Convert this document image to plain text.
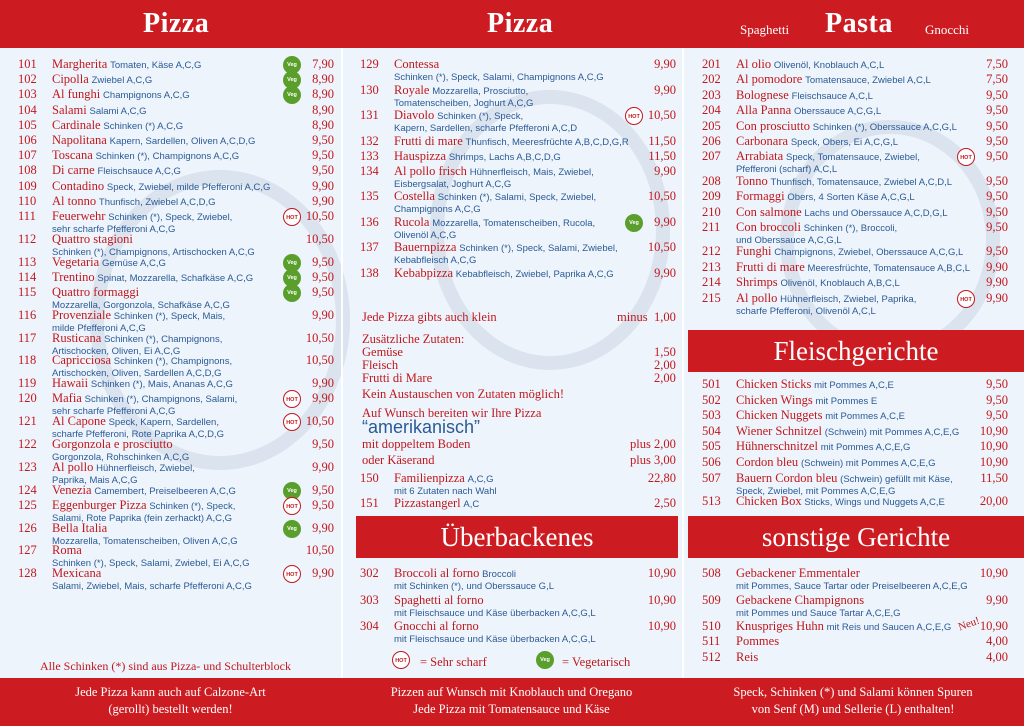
Pizza	Pizza	Pasta
Spaghetti	Gnocchi
101 Margherita Tomaten, Käse A,C,G	7,90
Veg
102 Cipolla Zwiebel A,C,G	8,90
Veg
103 Al funghi Champignons A,C,G	8,90
Veg
104 Salami Salami A,C,G	8,90
105 Cardinale Schinken (*) A,C,G	8,90
106 Napolitana Kapern, Sardellen, Oliven A,C,D,G	9,50
107 Toscana Schinken (*), Champignons A,C,G	9,50
108 Di carne Fleischsauce A,C,G	9,50
109 Contadino Speck, Zwiebel, milde Pfefferoni A,C,G	9,90
110 Al tonno Thunfisch, Zwiebel A,C,D,G	9,90
111 Feuerwehr Schinken (*), Speck, Zwiebel,
sehr scharfe Pfefferoni A,C,G
10,50
HOT
112 Quattro stagioni
Schinken (*), Champignons, Artischocken A,C,G
10,50
113 Vegetaria Gemüse A,C,G	9,50
Veg
114 Trentino Spinat, Mozzarella, Schafkäse A,C,G	9,50
Veg
115 Quattro formaggi
Mozzarella, Gorgonzola, Schafkäse A,C,G
9,50
Veg
116 Provenziale Schinken (*), Speck, Mais,
milde Pfefferoni A,C,G
9,90
117 Rusticana Schinken (*), Champignons,
Artischocken, Oliven, Ei A,C,G
10,50
118 Capricciosa Schinken (*), Champignons,
Artischocken, Oliven, Sardellen A,C,D,G
10,50
119 Hawaii Schinken (*), Mais, Ananas A,C,G	9,90
120 Mafia Schinken (*), Champignons, Salami,
sehr scharfe Pfefferoni A,C,G
9,90
HOT
121 Al Capone Speck, Kapern, Sardellen,
scharfe Pfefferoni, Rote Paprika A,C,D,G
10,50
HOT
122 Gorgonzola e prosciutto
Gorgonzola, Rohschinken A,C,G
9,50
123 Al pollo Hühnerfleisch, Zwiebel,
Paprika, Mais A,C,G
9,90
124 Venezia Camembert, Preiselbeeren A,C,G	9,50
Veg
125 Eggenburger Pizza Schinken (*), Speck,
Salami, Rote Paprika (fein zerhackt) A,C,G
9,50
HOT
126 Bella Italia
Mozzarella, Tomatenscheiben, Oliven A,C,G
9,90
Veg
127 Roma
Schinken (*), Speck, Salami, Zwiebel, Ei A,C,G
10,50
128 Mexicana
Salami, Zwiebel, Mais, scharfe Pfefferoni A,C,G
9,90
HOT
129 Contessa
Schinken (*), Speck, Salami, Champignons A,C,G
9,90
130 Royale Mozzarella, Prosciutto,
Tomatenscheiben, Joghurt A,C,G
9,90
131 Diavolo Schinken (*), Speck,
Kapern, Sardellen, scharfe Pfefferoni A,C,D
10,50
HOT
132 Frutti di mare Thunfisch, Meeresfrüchte A,B,C,D,G,R	11,50
133 Hauspizza Shrimps, Lachs A,B,C,D,G	11,50
134 Al pollo frisch Hühnerfleisch, Mais, Zwiebel,
Eisbergsalat, Joghurt A,C,G
9,90
135 Costella Schinken (*), Salami, Speck, Zwiebel,
Champignons A,C,G
10,50
136 Rucola Mozzarella, Tomatenscheiben, Rucola,
Olivenöl A,C,G
9,90
Veg
137 Bauernpizza Schinken (*), Speck, Salami, Zwiebel,
Kebabfleisch A,C,G
10,50
138 Kebabpizza Kebabfleisch, Zwiebel, Paprika A,C,G	9,90
150 Familienpizza A,C,G
mit 6 Zutaten nach Wahl
22,80
151 Pizzastangerl A,C	2,50
302 Broccoli al forno Broccoli
mit Schinken (*), und Oberssauce G,L
10,90
303 Spaghetti al forno
mit Fleischsauce und Käse überbacken A,C,G,L
10,90
304 Gnocchi al forno
mit Fleischsauce und Käse überbacken A,C,G,L
10,90
201 Al olio Olivenöl, Knoblauch A,C,L	7,50
202 Al pomodore Tomatensauce, Zwiebel A,C,L	7,50
203 Bolognese Fleischsauce A,C,L	9,50
204 Alla Panna Oberssauce A,C,G,L	9,50
205 Con prosciutto Schinken (*), Oberssauce A,C,G,L	9,50
206 Carbonara Speck, Obers, Ei A,C,G,L	9,50
207 Arrabiata Speck, Tomatensauce, Zwiebel,
Pfefferoni (scharf) A,C,L
9,50
HOT
208 Tonno Thunfisch, Tomatensauce, Zwiebel A,C,D,L	9,50
209 Formaggi Obers, 4 Sorten Käse A,C,G,L	9,50
210 Con salmone Lachs und Oberssauce A,C,D,G,L	9,50
211 Con broccoli Schinken (*), Broccoli,
und Oberssauce A,C,G,L
9,50
212 Funghi Champignons, Zwiebel, Oberssauce A,C,G,L	9,50
213 Frutti di mare Meeresfrüchte, Tomatensauce A,B,C,L	9,90
214 Shrimps Olivenöl, Knoblauch A,B,C,L	9,90
215 Al pollo Hühnerfleisch, Zwiebel, Paprika,
scharfe Pfefferoni, Olivenöl A,C,L
9,90
HOT
501 Chicken Sticks mit Pommes A,C,E	9,50
502 Chicken Wings mit Pommes E	9,50
503 Chicken Nuggets mit Pommes A,C,E	9,50
504 Wiener Schnitzel (Schwein) mit Pommes A,C,E,G	10,90
505 Hühnerschnitzel mit Pommes A,C,E,G	10,90
506 Cordon bleu (Schwein) mit Pommes A,C,E,G	10,90
507 Bauern Cordon bleu (Schwein) gefüllt mit Käse,
Speck, Zwiebel, mit Pommes A,C,E,G
11,50
513 Chicken Box Sticks, Wings und Nuggets A,C,E	20,00
508 Gebackener Emmentaler
mit Pommes, Sauce Tartar oder Preiselbeeren A,C,E,G
10,90
509 Gebackene Champignons
mit Pommes und Sauce Tartar A,C,E,G
9,90
510 Knuspriges Huhn mit Reis und Saucen A,C,E,G	10,90
511 Pommes	4,00
512 Reis	4,00
Jede Pizza gibts auch klein	minus 1,00
Zusätzliche Zutaten:
Gemüse	1,50
Fleisch	2,00
Frutti di Mare	2,00
Kein Austauschen von Zutaten möglich!
Auf Wunsch bereiten wir Ihre Pizza
“amerikanisch”
mit doppeltem Boden	plus 2,00
oder Käserand	plus 3,00
Überbackenes
Fleischgerichte
sonstige Gerichte
Alle Schinken (*) sind aus Pizza- und Schulterblock	HOT = Sehr scharf	Veg = Vegetarisch
Neu!
Jede Pizza kann auch auf Calzone-Art
(gerollt) bestellt werden!
Pizzen auf Wunsch mit Knoblauch und Oregano
Jede Pizza mit Tomatensauce und Käse
Speck, Schinken (*) und Salami können Spuren
von Senf (M) und Sellerie (L) enthalten!
